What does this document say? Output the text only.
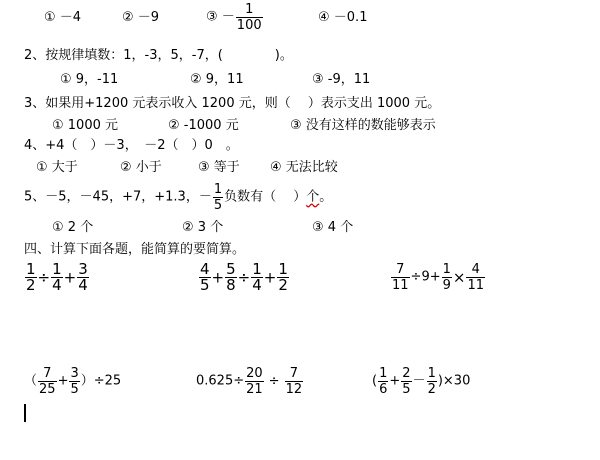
① －4	② －9	③ － $\frac{1}{100}$	④ －0.1
2、按规律填数：1，-3，5，-7，(　　　　)。
① 9，-11	② 9，11	③ -9，11
3、如果用+1200 元表示收入 1200 元，则（　 ）表示支出 1000 元。
① 1000 元	② -1000 元	③ 没有这样的数能够表示
4、+4（　）－3，　－2（　）0　。
① 大于	② 小于	③ 等于 ④ 无法比较
5、－5，－45，+7，+1.3，－ $\frac{1}{5}$ 负数有（　 ）个。
① 2 个	② 3 个	③ 4 个
四、计算下面各题，能简算的要简算。
$\frac{1}{2} \div \frac{1}{4} + \frac{3}{4}$	$\frac{4}{5} + \frac{5}{8} \div \frac{1}{4} + \frac{1}{2}$	$\frac{7}{11} \div 9+ \frac{1}{9} \times \frac{4}{11}$
（ $\frac{7}{25} + \frac{3}{5} )\div 25$	$0.625\div \frac{20}{21} \div \frac{7}{12}$	( $\frac{1}{6} + \frac{2}{5} - \frac{1}{2} )\times 30$
